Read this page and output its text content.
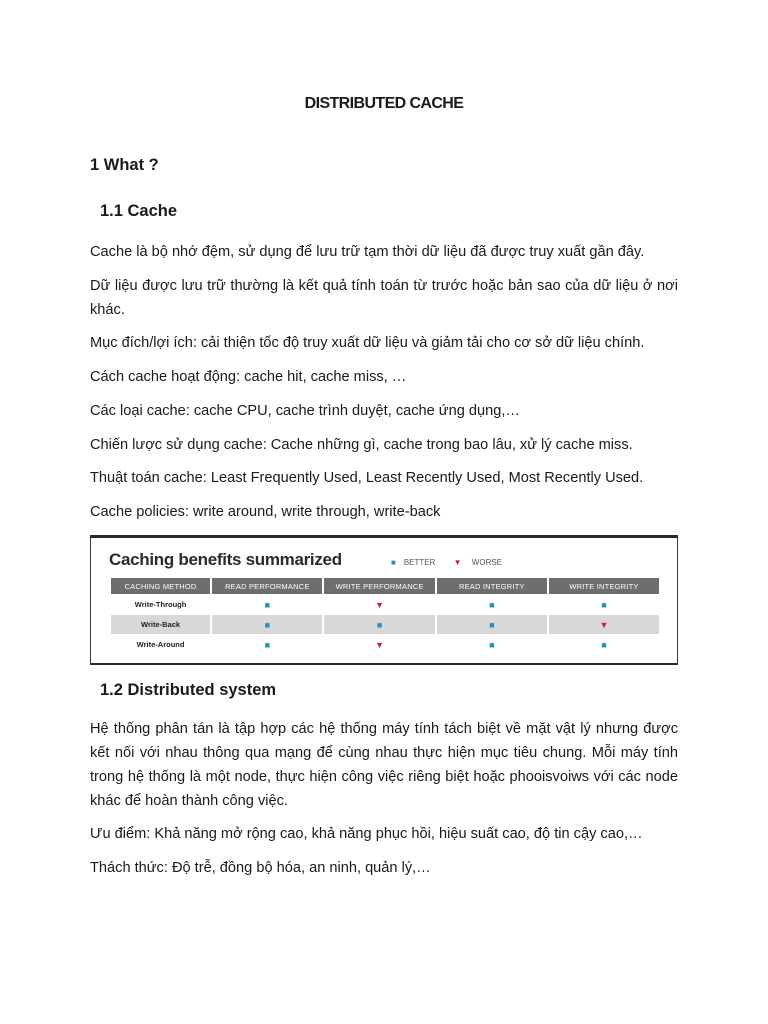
DISTRIBUTED CACHE
1 What ?
1.1 Cache

Cache là bộ nhớ đệm, sử dụng để lưu trữ tạm thời dữ liệu đã được truy xuất gần đây.

Dữ liệu được lưu trữ thường là kết quả tính toán từ trước hoặc bản sao của dữ liệu ở nơi khác.

Mục đích/lợi ích: cải thiện tốc độ truy xuất dữ liệu và giảm tải cho cơ sở dữ liệu chính.

Cách cache hoạt động: cache hit, cache miss, …

Các loại cache: cache CPU, cache trình duyệt, cache ứng dụng,…

Chiến lược sử dụng cache: Cache những gì, cache trong bao lâu, xử lý cache miss.

Thuật toán cache: Least Frequently Used, Least Recently Used, Most Recently Used.

Cache policies: write around, write through, write-back

Caching benefits summarized	■ BETTER ▼ WORSE
CACHING METHOD	READ PERFORMANCE	WRITE PERFORMANCE	READ INTEGRITY	WRITE INTEGRITY
Write-Through	■	▼	■	■
Write-Back	■	■	■	▼
Write-Around	■	▼	■	■
1.2 Distributed system

Hệ thống phân tán là tập hợp các hệ thống máy tính tách biệt về mặt vật lý nhưng được kết nối với nhau thông qua mạng để cùng nhau thực hiện mục tiêu chung. Mỗi máy tính trong hệ thống là một node, thực hiện công việc riêng biệt hoặc phooisvoiws với các node khác để hoàn thành công việc.

Ưu điểm: Khả năng mở rộng cao, khả năng phục hồi, hiệu suất cao, độ tin cậy cao,…

Thách thức: Độ trễ, đồng bộ hóa, an ninh, quản lý,…
